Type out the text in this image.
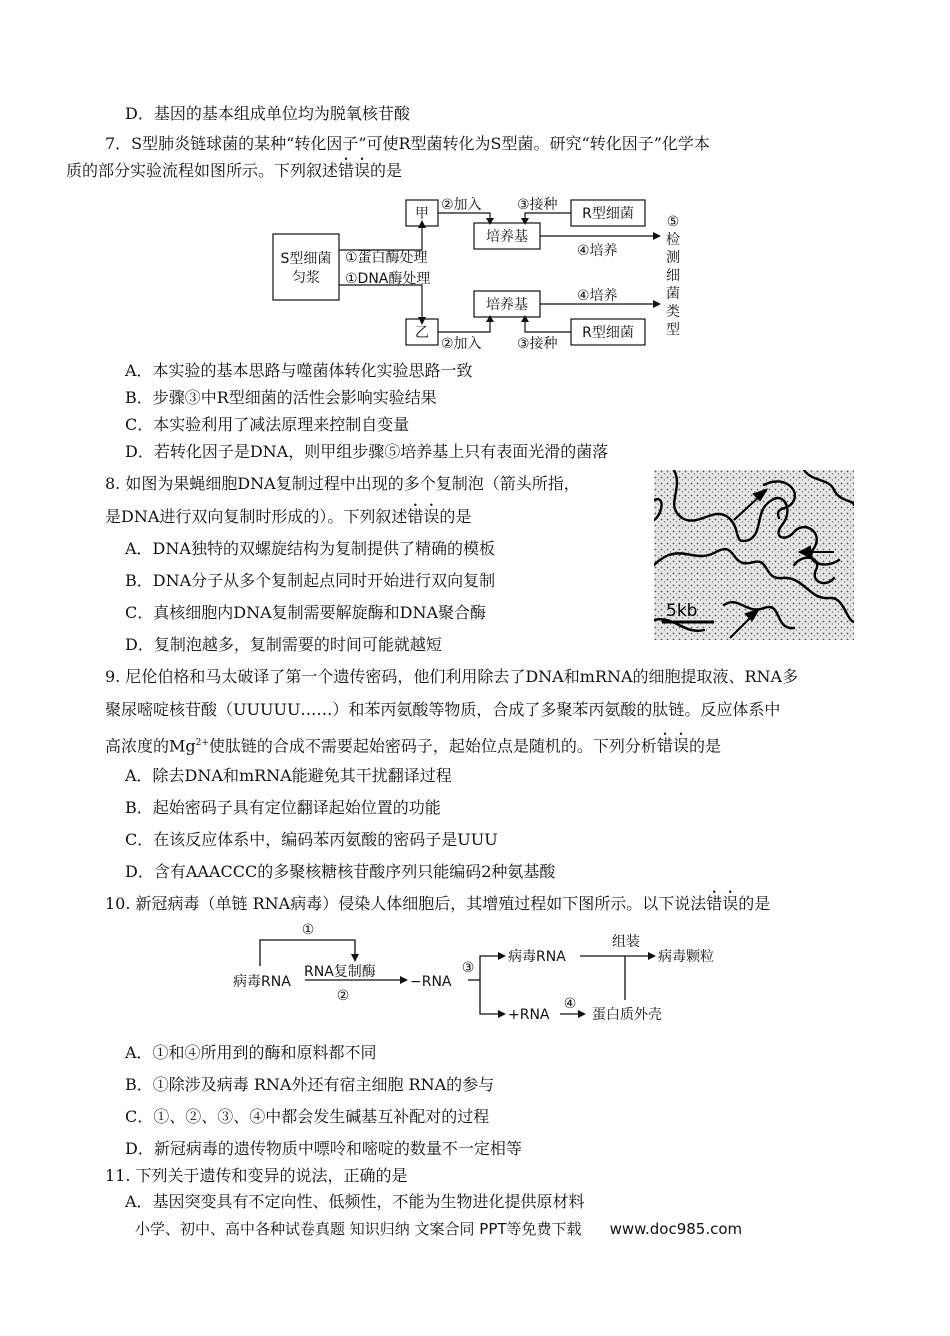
D．基因的基本组成单位均为脱氧核苷酸
7．S型肺炎链球菌的某种“转化因子”可使R型菌转化为S型菌。研究“转化因子”化学本
质的部分实验流程如图所示。下列叙述错误的是
S型细菌
匀浆
甲
乙
①蛋白酶处理
①DNA酶处理
②加入	③接种
培养基
R型细菌
④培养
④培养
培养基
R型细菌
②加入	③接种
⑤
检
测
细
菌
类
型
A．本实验的基本思路与噬菌体转化实验思路一致
B．步骤③中R型细菌的活性会影响实验结果
C．本实验利用了减法原理来控制自变量
D．若转化因子是DNA，则甲组步骤⑤培养基上只有表面光滑的菌落
8. 如图为果蝇细胞DNA复制过程中出现的多个复制泡（箭头所指，
是DNA进行双向复制时形成的）。下列叙述错误的是
5kb
A．DNA独特的双螺旋结构为复制提供了精确的模板
B．DNA分子从多个复制起点同时开始进行双向复制
C．真核细胞内DNA复制需要解旋酶和DNA聚合酶
D．复制泡越多，复制需要的时间可能就越短
9. 尼伦伯格和马太破译了第一个遗传密码，他们利用除去了DNA和mRNA的细胞提取液、RNA多
聚尿嘧啶核苷酸（UUUUU……）和苯丙氨酸等物质，合成了多聚苯丙氨酸的肽链。反应体系中
高浓度的$Mg^{2+}$使肽链的合成不需要起始密码子，起始位点是随机的。下列分析错误的是
A．除去DNA和mRNA能避免其干扰翻译过程
B．起始密码子具有定位翻译起始位置的功能
C．在该反应体系中，编码苯丙氨酸的密码子是UUU
D．含有AAACCC的多聚核糖核苷酸序列只能编码2种氨基酸
10. 新冠病毒（单链 RNA病毒）侵染人体细胞后，其增殖过程如下图所示。以下说法错误的是
①
病毒RNA
RNA复制酶
②
−RNA
③
病毒RNA
组装
病毒颗粒
+RNA
④
蛋白质外壳
A．①和④所用到的酶和原料都不同
B．①除涉及病毒 RNA外还有宿主细胞 RNA的参与
C．①、②、③、④中都会发生碱基互补配对的过程
D．新冠病毒的遗传物质中嘌呤和嘧啶的数量不一定相等
11. 下列关于遗传和变异的说法，正确的是
A．基因突变具有不定向性、低频性，不能为生物进化提供原材料
小学、初中、高中各种试卷真题 知识归纳 文案合同 PPT等免费下载 www.doc985.com
